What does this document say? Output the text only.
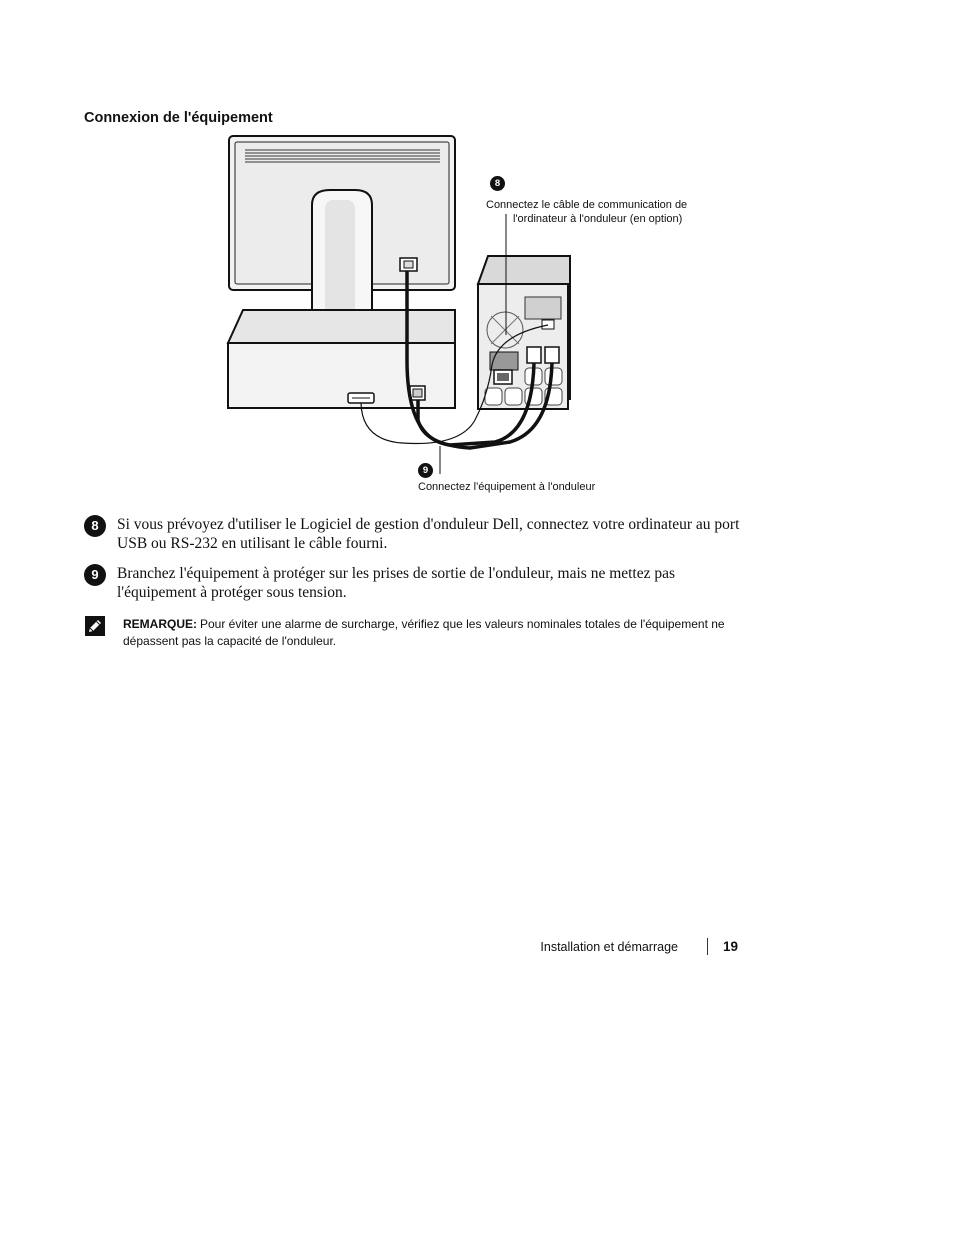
Connexion de l'équipement
8
Connectez le câble de communication de
l'ordinateur à l'onduleur (en option)
9
Connectez l'équipement à l'onduleur
8	Si vous prévoyez d'utiliser le Logiciel de gestion d'onduleur Dell, connectez votre ordinateur au port USB ou RS-232 en utilisant le câble fourni.
9	Branchez l'équipement à protéger sur les prises de sortie de l'onduleur, mais ne mettez pas l'équipement à protéger sous tension.
REMARQUE: Pour éviter une alarme de surcharge, vérifiez que les valeurs nominales totales de l'équipement ne dépassent pas la capacité de l'onduleur.
Installation et démarrage	19
